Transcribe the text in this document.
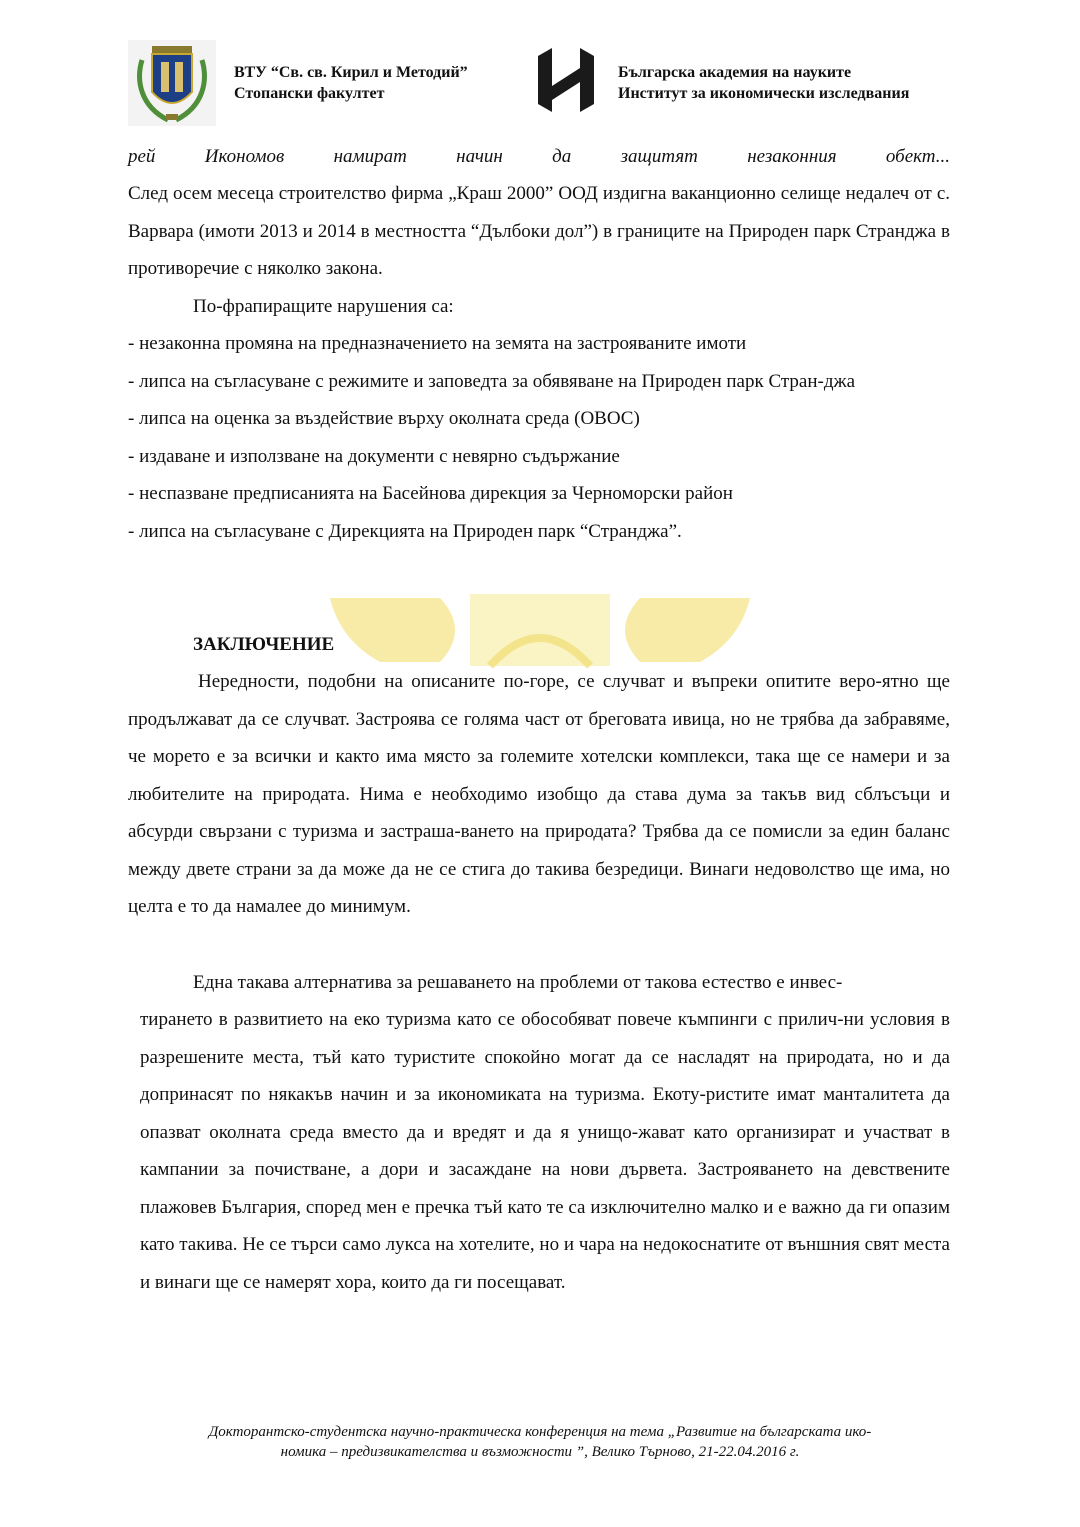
ВТУ “Св. св. Кирил и Методий”
Стопански факултет
Българска академия на науките
Институт за икономически изследвания

рей Икономов намират начин да защитят незаконния обект...

След осем месеца строителство фирма „Краш 2000” ООД издигна ваканционно селище недалеч от с. Варвара (имоти 2013 и 2014 в местността “Дълбоки дол”) в границите на Природен парк Странджа в противоречие с няколко закона.

По-фрапиращите нарушения са:

- незаконна промяна на предназначението на земята на застрояваните имоти
- липса на съгласуване с режимите и заповедта за обявяване на Природен парк Стран-джа
- липса на оценка за въздействие върху околната среда (ОВОС)
- издаване и използване на документи с невярно съдържание
- неспазване предписанията на Басейнова дирекция за Черноморски район
- липса на съгласуване с Дирекцията на Природен парк “Странджа”.

ЗАКЛЮЧЕНИЕ

Нередности, подобни на описаните по-горе, се случват и въпреки опитите веро-ятно ще продължават да се случват. Застроява се голяма част от бреговата ивица, но не трябва да забравяме, че морето е за всички и както има място за големите хотелски комплекси, така ще се намери и за любителите на природата. Нима е необходимо изобщо да става дума за такъв вид сблъсъци и абсурди свързани с туризма и застраша-ването на природата? Трябва да се помисли за един баланс между двете страни за да може да не се стига до такива безредици. Винаги недоволство ще има, но целта е то да намалее до минимум.

Една такава алтернатива за решаването на проблеми от такова естество е инвес-

тирането в развитието на еко туризма като се обособяват повече къмпинги с прилич-ни условия в разрешените места, тъй като туристите спокойно могат да се насладят на природата, но и да допринасят по някакъв начин и за икономиката на туризма. Екоту-ристите имат манталитета да опазват околната среда вместо да и вредят и да я унищо-жават като организират и участват в кампании за почистване, а дори и засаждане на нови дървета. Застрояването на девствените плажовев България, според мен е пречка тъй като те са изключително малко и е важно да ги опазим като такива. Не се търси само лукса на хотелите, но и чара на недокоснатите от външния свят места и винаги ще се намерят хора, които да ги посещават.

Докторантско-студентска научно-практическа конференция на тема „Развитие на българската ико-
номика – предизвикателства и възможности ”, Велико Търново, 21-22.04.2016 г.
